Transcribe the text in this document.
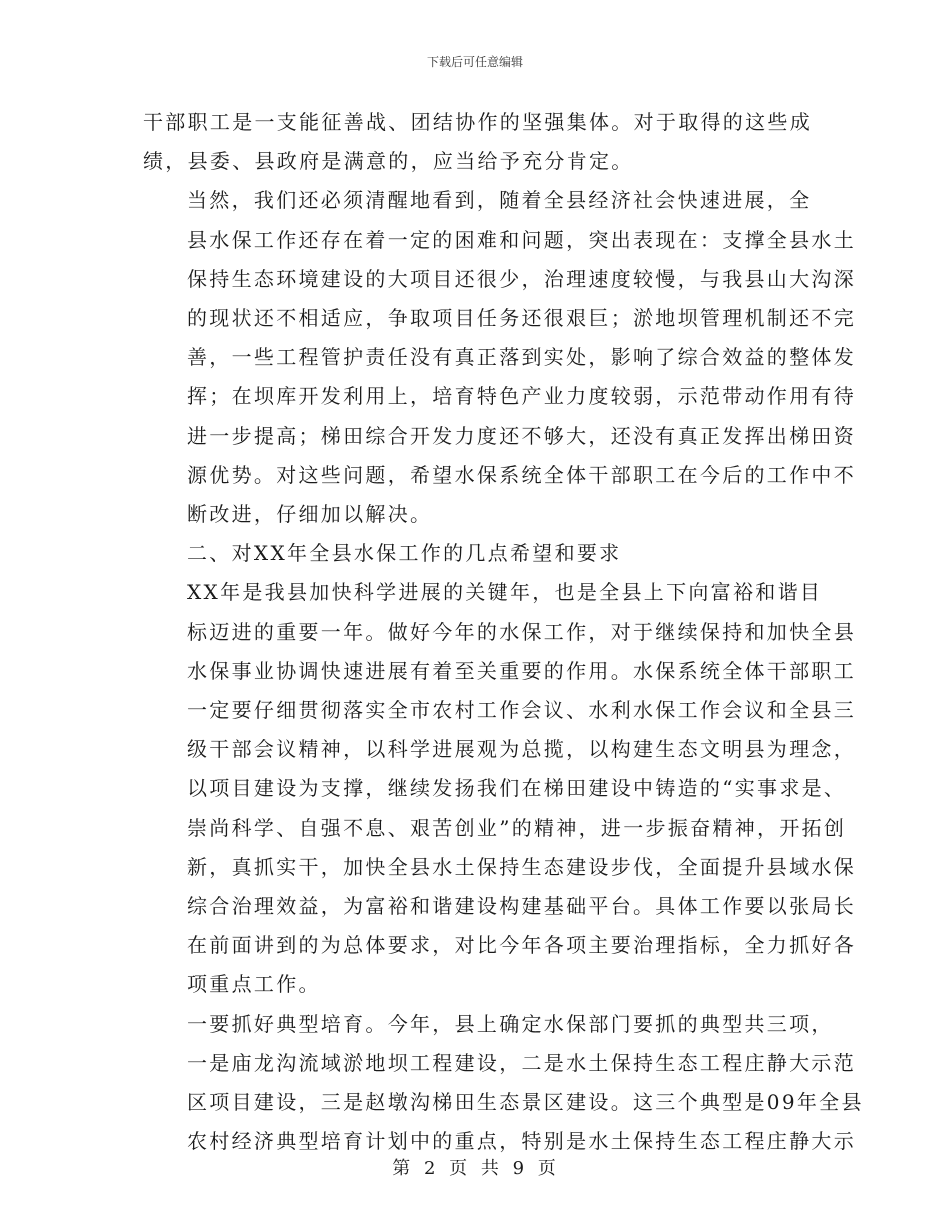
下载后可任意编辑
干部职工是一支能征善战、团结协作的坚强集体。对于取得的这些成
绩，县委、县政府是满意的，应当给予充分肯定。
当然，我们还必须清醒地看到，随着全县经济社会快速进展，全
县水保工作还存在着一定的困难和问题，突出表现在：支撑全县水土
保持生态环境建设的大项目还很少，治理速度较慢，与我县山大沟深
的现状还不相适应，争取项目任务还很艰巨；淤地坝管理机制还不完
善，一些工程管护责任没有真正落到实处，影响了综合效益的整体发
挥；在坝库开发利用上，培育特色产业力度较弱，示范带动作用有待
进一步提高；梯田综合开发力度还不够大，还没有真正发挥出梯田资
源优势。对这些问题，希望水保系统全体干部职工在今后的工作中不
断改进，仔细加以解决。
二、对XX年全县水保工作的几点希望和要求
XX年是我县加快科学进展的关键年，也是全县上下向富裕和谐目
标迈进的重要一年。做好今年的水保工作，对于继续保持和加快全县
水保事业协调快速进展有着至关重要的作用。水保系统全体干部职工
一定要仔细贯彻落实全市农村工作会议、水利水保工作会议和全县三
级干部会议精神，以科学进展观为总揽，以构建生态文明县为理念，
以项目建设为支撑，继续发扬我们在梯田建设中铸造的“实事求是、
崇尚科学、自强不息、艰苦创业”的精神，进一步振奋精神，开拓创
新，真抓实干，加快全县水土保持生态建设步伐，全面提升县域水保
综合治理效益，为富裕和谐建设构建基础平台。具体工作要以张局长
在前面讲到的为总体要求，对比今年各项主要治理指标，全力抓好各
项重点工作。
一要抓好典型培育。今年，县上确定水保部门要抓的典型共三项，
一是庙龙沟流域淤地坝工程建设，二是水土保持生态工程庄静大示范
区项目建设，三是赵墩沟梯田生态景区建设。这三个典型是09年全县
农村经济典型培育计划中的重点，特别是水土保持生态工程庄静大示
第 2 页 共 9 页
